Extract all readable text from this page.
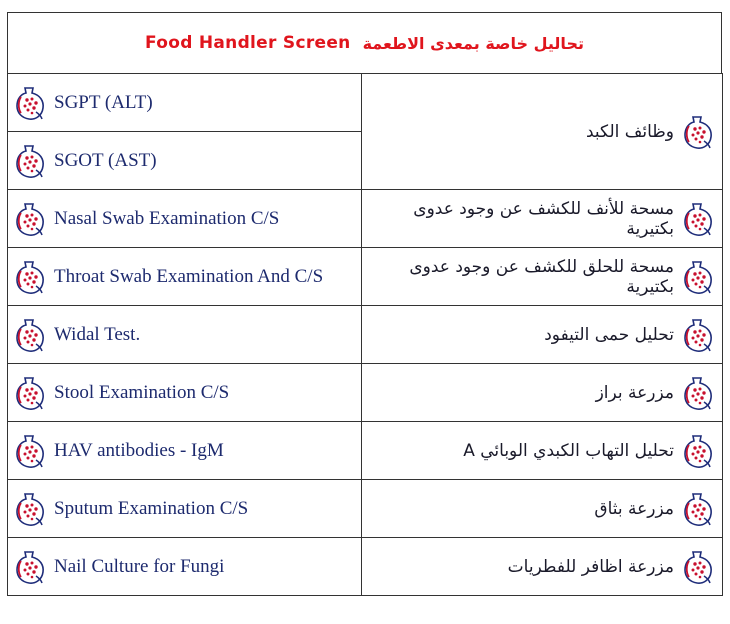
Food Handler Screen تحاليل خاصة بمعدى الاطعمة
SGPT (ALT)	وظائف الكبد

SGOT (AST)	

Nasal Swab Examination C/S	مسحة للأنف للكشف عن وجود عدوى بكتيرية

Throat Swab Examination And C/S	مسحة للحلق للكشف عن وجود عدوى بكتيرية

Widal Test.	تحليل حمى التيفود

Stool Examination C/S	مزرعة براز

HAV antibodies - IgM	تحليل التهاب الكبدي الوبائي A

Sputum Examination C/S	مزرعة بثاق

Nail Culture for Fungi	مزرعة اظافر للفطريات
